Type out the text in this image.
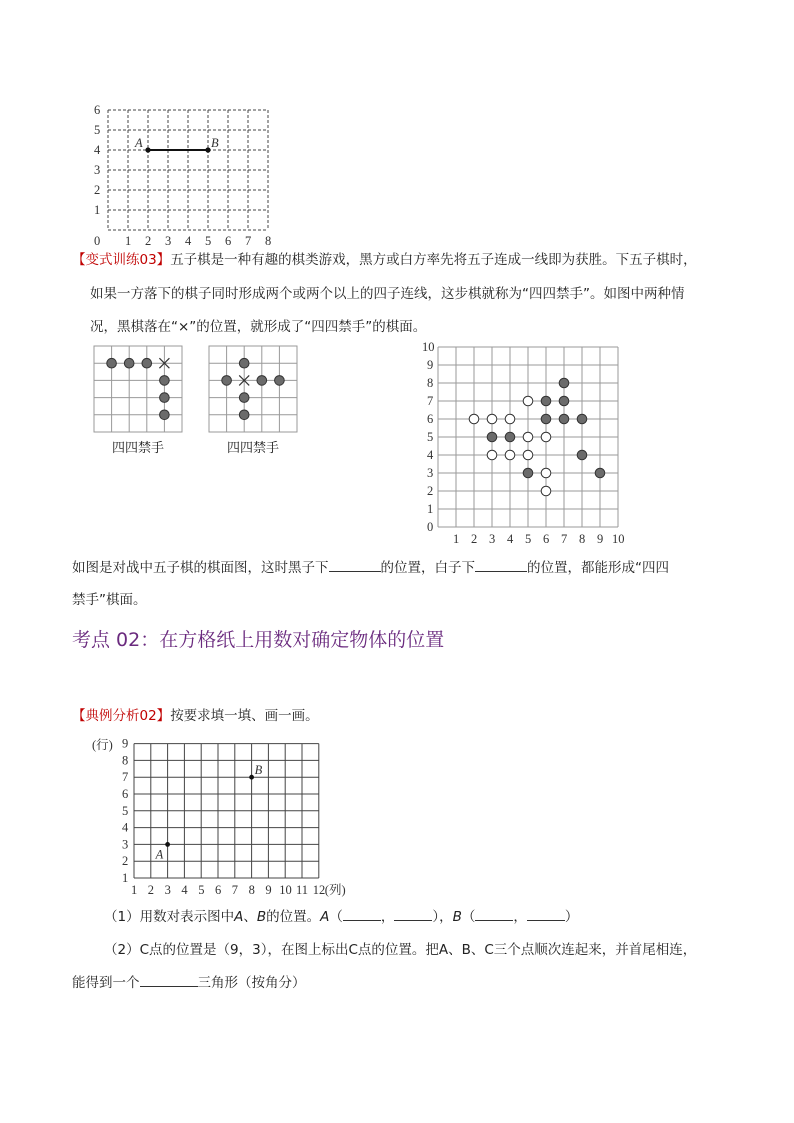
0 1 2 3 4 5 6 7 8
1
2
3
4
5
6
A	B
【变式训练03】五子棋是一种有趣的棋类游戏，黑方或白方率先将五子连成一线即为获胜。下五子棋时，
如果一方落下的棋子同时形成两个或两个以上的四子连线，这步棋就称为“四四禁手”。如图中两种情
况，黑棋落在“×”的位置，就形成了“四四禁手”的棋面。
四四禁手	四四禁手
1 2 3 4 5 6 7 8 9 10
0
1
2
3
4
5
6
7
8
9
10
如图是对战中五子棋的棋面图，这时黑子下	的位置，白子下	的位置，都能形成“四四
禁手”棋面。
考点 02：在方格纸上用数对确定物体的位置
【典例分析02】按要求填一填、画一画。
1 2 3 4 5 6 7 8 9 10 11 12
1
2
3
4
5
6
7
8
9
(行)
(列)
A
B
（1）用数对表示图中A、B的位置。A（	，	），B（	，	）
（2）C点的位置是（9，3），在图上标出C点的位置。把A、B、C三个点顺次连起来，并首尾相连，
能得到一个	三角形（按角分）
